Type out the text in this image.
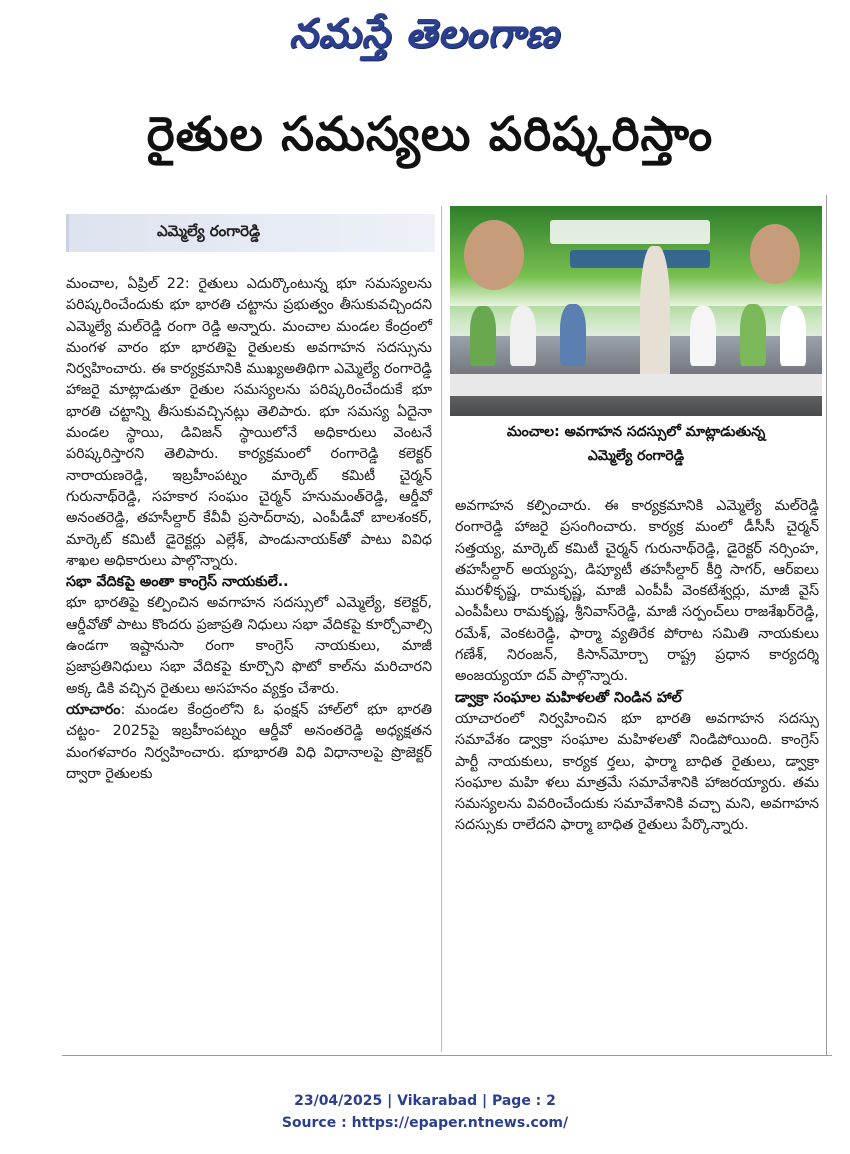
నమస్తే తెలంగాణ
రైతుల సమస్యలు పరిష్కరిస్తాం
ఎమ్మెల్యే రంగారెడ్డి
మంచాల: అవగాహన సదస్సులో మాట్లాడుతున్న
ఎమ్మెల్యే రంగారెడ్డి

మంచాల, ఏప్రిల్ 22: రైతులు ఎదుర్కొంటున్న భూ సమస్యలను పరిష్కరించేందుకు భూ భారతి చట్టాను ప్రభుత్వం తీసుకువచ్చిందని ఎమ్మెల్యే మల్‌రెడ్డి రంగా రెడ్డి అన్నారు. మంచాల మండల కేంద్రంలో మంగళ వారం భూ భారతిపై రైతులకు అవగాహన సదస్సును నిర్వహించారు. ఈ కార్యక్రమానికి ముఖ్యఅతిథిగా ఎమ్మెల్యే రంగారెడ్డి హాజరై మాట్లాడుతూ రైతుల సమస్యలను పరిష్కరించేందుకే భూ భారతి చట్టాన్ని తీసుకువచ్చినట్లు తెలిపారు. భూ సమస్య ఏదైనా మండల స్థాయి, డివిజన్ స్థాయిలోనే అధికారులు వెంటనే పరిష్కరిస్తారని తెలిపారు. కార్యక్రమంలో రంగారెడ్డి కలెక్టర్ నారాయణరెడ్డి, ఇబ్రహీంపట్నం మార్కెట్ కమిటీ చైర్మన్ గురునాథ్‌రెడ్డి, సహకార సంఘం చైర్మన్ హనుమంత్‌రెడ్డి, ఆర్డీవో అనంతరెడ్డి, తహసీల్దార్ కేవీవీ ప్రసాద్‌రావు, ఎంపీడీవో బాలశంకర్, మార్కెట్ కమిటీ డైరెక్టర్లు ఎల్లేశ్, పాండునాయక్‌తో పాటు వివిధ శాఖల అధికారులు పాల్గొన్నారు.

సభా వేదికపై అంతా కాంగ్రెస్ నాయకులే..

భూ భారతిపై కల్పించిన అవగాహన సదస్సులో ఎమ్మెల్యే, కలెక్టర్, ఆర్డీవోతో పాటు కొందరు ప్రజాప్రతి నిధులు సభా వేదికపై కూర్చోవాల్సి ఉండగా ఇష్టానుసా రంగా కాంగ్రెస్ నాయకులు, మాజీ ప్రజాప్రతినిధులు సభా వేదికపై కూర్చొని ఫొటో కాల్‌ను మరిచారని అక్క డికి వచ్చిన రైతులు అసహనం వ్యక్తం చేశారు.

యాచారం: మండల కేంద్రంలోని ఓ ఫంక్షన్ హాల్‌లో భూ భారతి చట్టం- 2025పై ఇబ్రహీంపట్నం ఆర్డీవో అనంతరెడ్డి అధ్యక్షతన మంగళవారం నిర్వహించారు. భూభారతి విధి విధానాలపై ప్రొజెక్టర్ ద్వారా రైతులకు

అవగాహన కల్పించారు. ఈ కార్యక్రమానికి ఎమ్మెల్యే మల్‌రెడ్డి రంగారెడ్డి హాజరై ప్రసంగించారు. కార్యక్ర మంలో డీసీసీ చైర్మన్ సత్తయ్య, మార్కెట్ కమిటీ చైర్మన్ గురునాథ్‌రెడ్డి, డైరెక్టర్ నర్సింహ, తహసీల్దార్ అయ్యప్ప, డిప్యూటీ తహసీల్దార్ కీర్తి సాగర్, ఆర్‌ఐలు మురళీకృష్ణ, రామకృష్ణ, మాజీ ఎంపీపీ వెంకటేశ్వర్లు, మాజీ వైస్ ఎంపీపీలు రామకృష్ణ, శ్రీనివాస్‌రెడ్డి, మాజీ సర్పంచ్‌లు రాజశేఖర్‌రెడ్డి, రమేశ్, వెంకటరెడ్డి, ఫార్మా వ్యతిరేక పోరాట సమితి నాయకులు గణేశ్, నిరంజన్, కిసాన్‌మోర్చా రాష్ట్ర ప్రధాన కార్యదర్శి అంజయ్యయా దవ్ పాల్గొన్నారు.

డ్వాక్రా సంఘాల మహిళలతో నిండిన హాల్

యాచారంలో నిర్వహించిన భూ భారతి అవగాహన సదస్సు సమావేశం డ్వాక్రా సంఘాల మహిళలతో నిండిపోయింది. కాంగ్రెస్ పార్టీ నాయకులు, కార్యక ర్తలు, ఫార్మా బాధిత రైతులు, డ్వాక్రా సంఘాల మహి ళలు మాత్రమే సమావేశానికి హాజరయ్యారు. తమ సమస్యలను వివరించేందుకు సమావేశానికి వచ్చా మని, అవగాహన సదస్సుకు రాలేదని ఫార్మా బాధిత రైతులు పేర్కొన్నారు.

23/04/2025 | Vikarabad | Page : 2
Source : https://epaper.ntnews.com/
